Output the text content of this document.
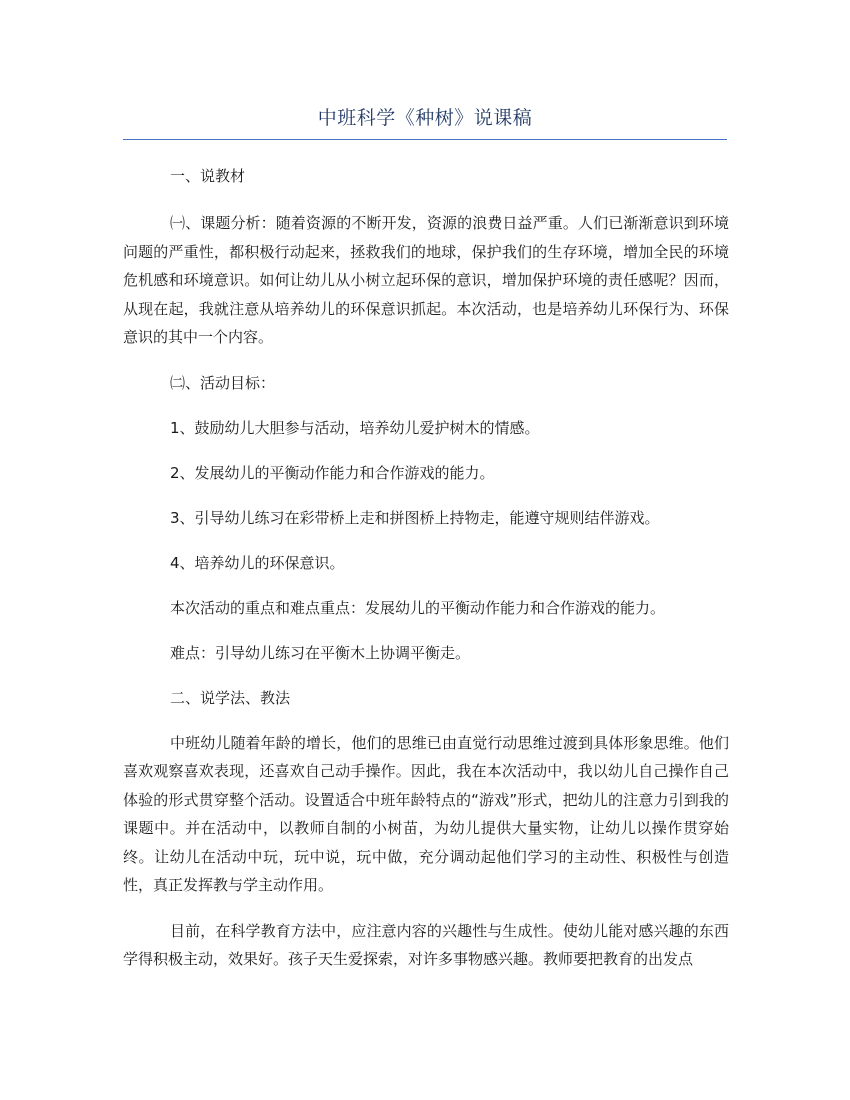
中班科学《种树》说课稿

一、说教材

㈠、课题分析：随着资源的不断开发，资源的浪费日益严重。人们已渐渐意识到环境问题的严重性，都积极行动起来，拯救我们的地球，保护我们的生存环境，增加全民的环境危机感和环境意识。如何让幼儿从小树立起环保的意识，增加保护环境的责任感呢？因而，从现在起，我就注意从培养幼儿的环保意识抓起。本次活动，也是培养幼儿环保行为、环保意识的其中一个内容。

㈡、活动目标：

1、鼓励幼儿大胆参与活动，培养幼儿爱护树木的情感。

2、发展幼儿的平衡动作能力和合作游戏的能力。

3、引导幼儿练习在彩带桥上走和拼图桥上持物走，能遵守规则结伴游戏。

4、培养幼儿的环保意识。

本次活动的重点和难点重点：发展幼儿的平衡动作能力和合作游戏的能力。

难点：引导幼儿练习在平衡木上协调平衡走。

二、说学法、教法

中班幼儿随着年龄的增长，他们的思维已由直觉行动思维过渡到具体形象思维。他们喜欢观察喜欢表现，还喜欢自己动手操作。因此，我在本次活动中，我以幼儿自己操作自己体验的形式贯穿整个活动。设置适合中班年龄特点的“游戏”形式，把幼儿的注意力引到我的课题中。并在活动中，以教师自制的小树苗，为幼儿提供大量实物，让幼儿以操作贯穿始终。让幼儿在活动中玩，玩中说，玩中做，充分调动起他们学习的主动性、积极性与创造性，真正发挥教与学主动作用。

目前，在科学教育方法中，应注意内容的兴趣性与生成性。使幼儿能对感兴趣的东西学得积极主动，效果好。孩子天生爱探索，对许多事物感兴趣。教师要把教育的出发点
